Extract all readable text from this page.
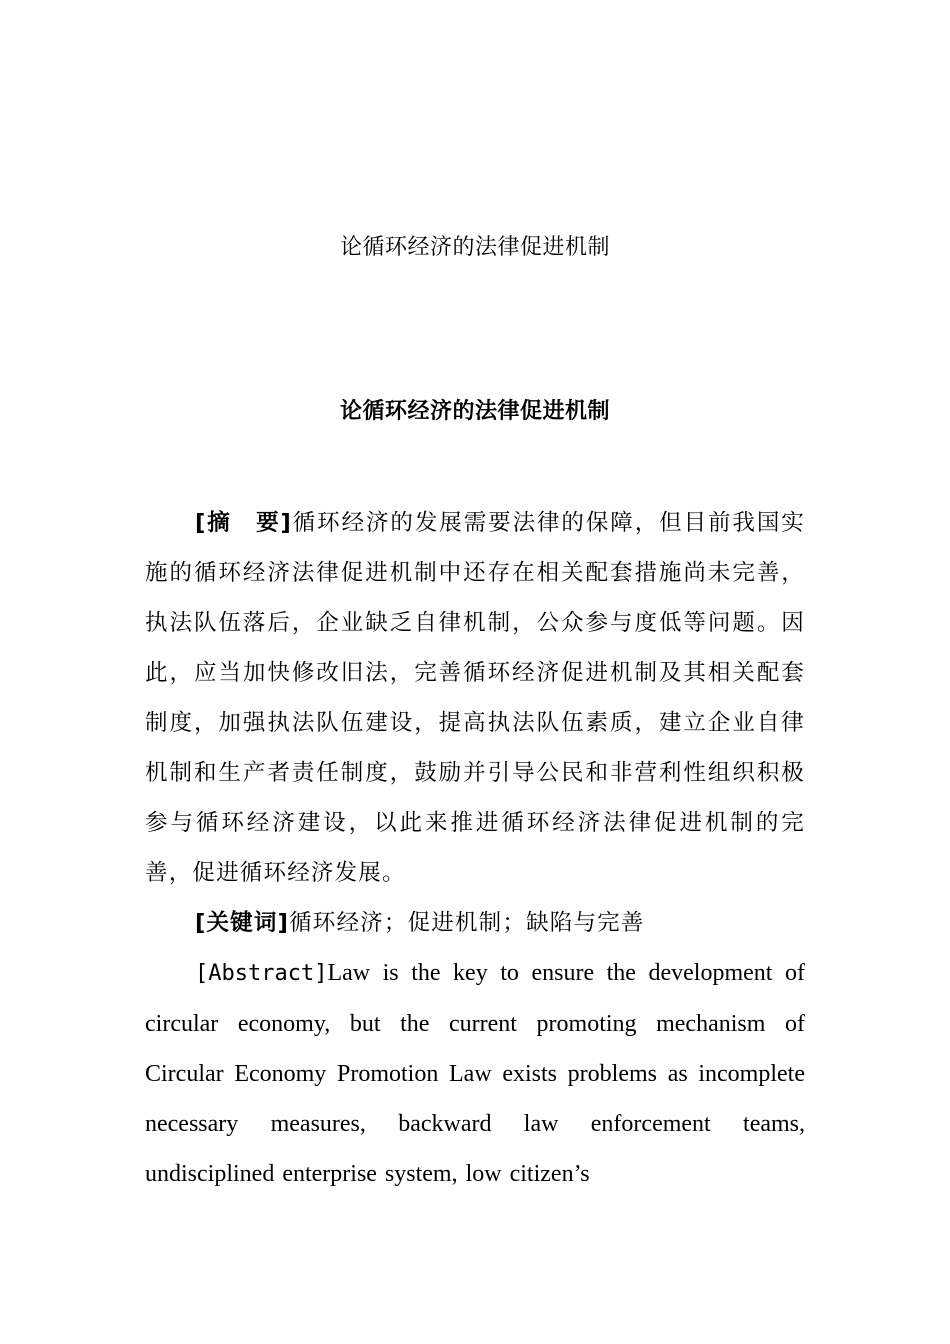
论循环经济的法律促进机制
论循环经济的法律促进机制

[摘　要]循环经济的发展需要法律的保障，但目前我国实施的循环经济法律促进机制中还存在相关配套措施尚未完善，执法队伍落后，企业缺乏自律机制，公众参与度低等问题。因此，应当加快修改旧法，完善循环经济促进机制及其相关配套制度，加强执法队伍建设，提高执法队伍素质，建立企业自律机制和生产者责任制度，鼓励并引导公民和非营利性组织积极参与循环经济建设，以此来推进循环经济法律促进机制的完善，促进循环经济发展。

[关键词]循环经济；促进机制；缺陷与完善

[Abstract]Law is the key to ensure the development of circular economy, but the current promoting mechanism of Circular Economy Promotion Law exists problems as incomplete necessary measures, backward law enforcement teams, undisciplined enterprise system, low citizen’s
